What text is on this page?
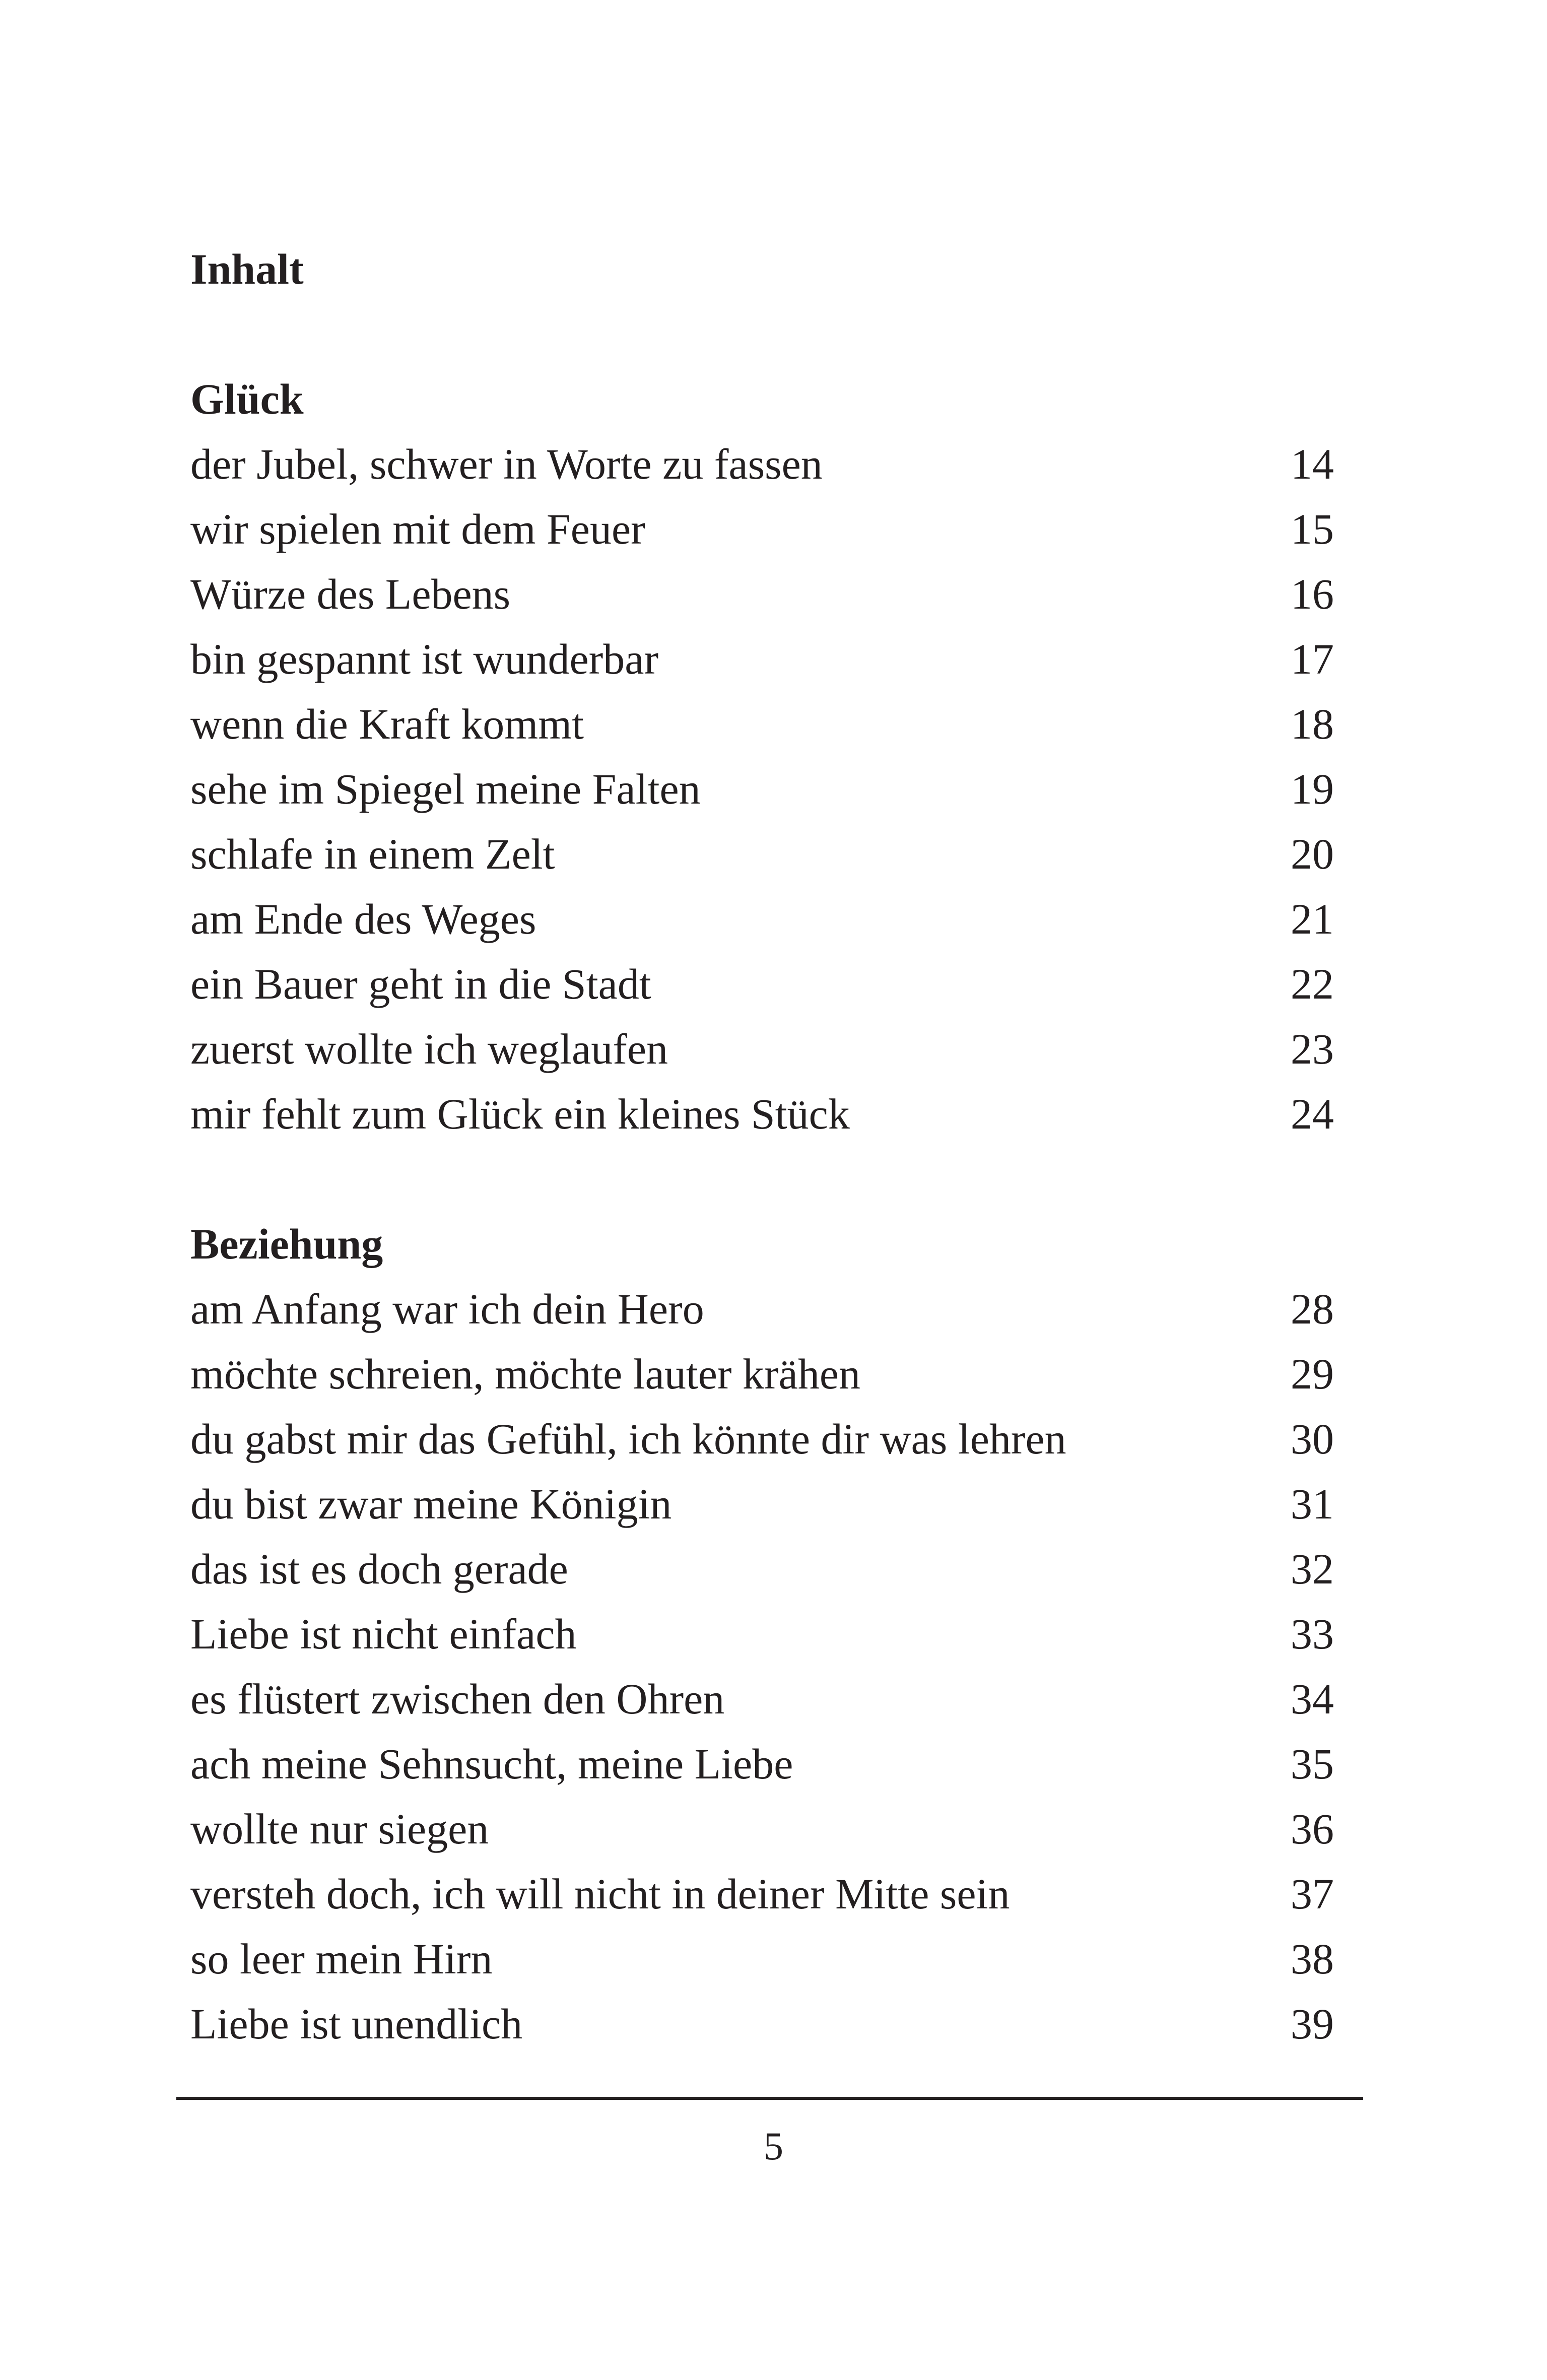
Inhalt
Glück
der Jubel, schwer in Worte zu fassen	14
wir spielen mit dem Feuer	15
Würze des Lebens	16
bin gespannt ist wunderbar	17
wenn die Kraft kommt	18
sehe im Spiegel meine Falten	19
schlafe in einem Zelt	20
am Ende des Weges	21
ein Bauer geht in die Stadt	22
zuerst wollte ich weglaufen	23
mir fehlt zum Glück ein kleines Stück	24
Beziehung
am Anfang war ich dein Hero	28
möchte schreien, möchte lauter krähen	29
du gabst mir das Gefühl, ich könnte dir was lehren	30
du bist zwar meine Königin	31
das ist es doch gerade	32
Liebe ist nicht einfach	33
es flüstert zwischen den Ohren	34
ach meine Sehnsucht, meine Liebe	35
wollte nur siegen	36
versteh doch, ich will nicht in deiner Mitte sein	37
so leer mein Hirn	38
Liebe ist unendlich	39
5
